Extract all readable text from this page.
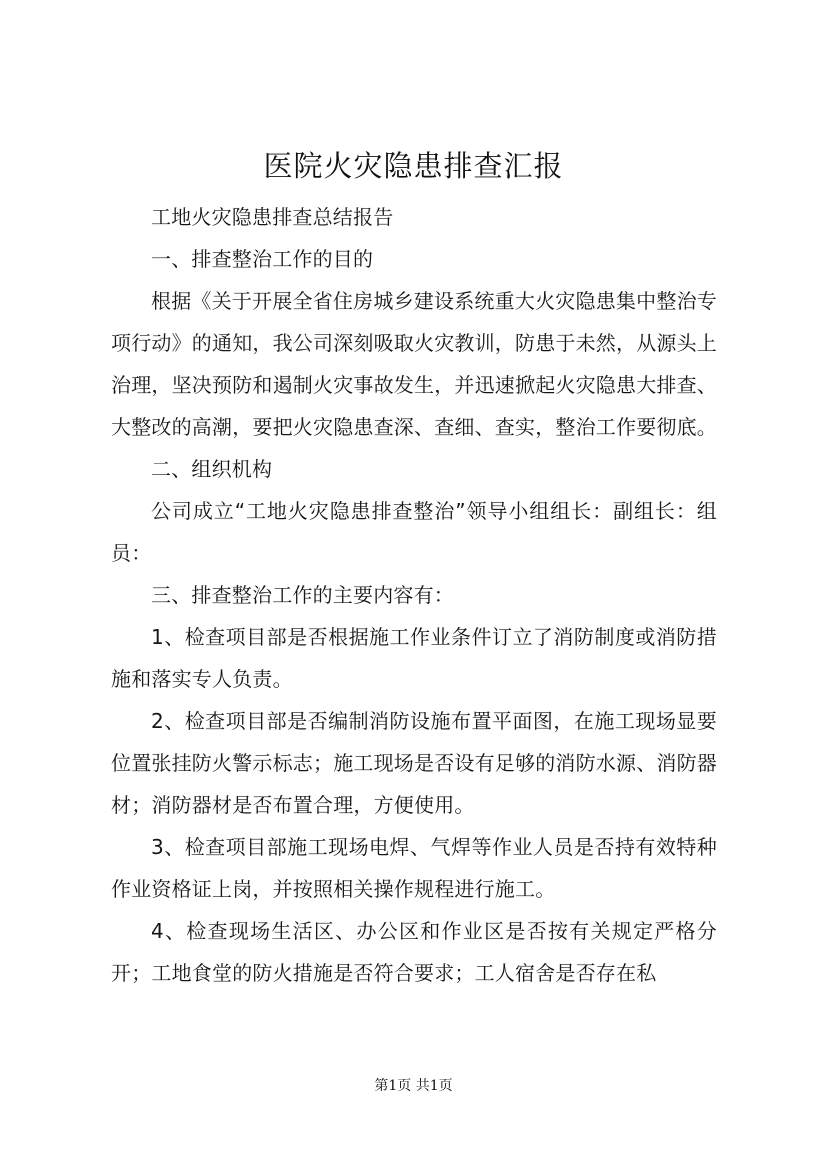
医院火灾隐患排查汇报

工地火灾隐患排查总结报告

一、排查整治工作的目的

根据《关于开展全省住房城乡建设系统重大火灾隐患集中整治专项行动》的通知，我公司深刻吸取火灾教训，防患于未然，从源头上治理，坚决预防和遏制火灾事故发生，并迅速掀起火灾隐患大排查、大整改的高潮，要把火灾隐患查深、查细、查实，整治工作要彻底。

二、组织机构

公司成立“工地火灾隐患排查整治”领导小组组长：副组长：组员：

三、排查整治工作的主要内容有：

1、检查项目部是否根据施工作业条件订立了消防制度或消防措施和落实专人负责。

2、检查项目部是否编制消防设施布置平面图，在施工现场显要位置张挂防火警示标志；施工现场是否设有足够的消防水源、消防器材；消防器材是否布置合理，方便使用。

3、检查项目部施工现场电焊、气焊等作业人员是否持有效特种作业资格证上岗，并按照相关操作规程进行施工。

4、检查现场生活区、办公区和作业区是否按有关规定严格分开；工地食堂的防火措施是否符合要求；工人宿舍是否存在私

第1页 共1页
